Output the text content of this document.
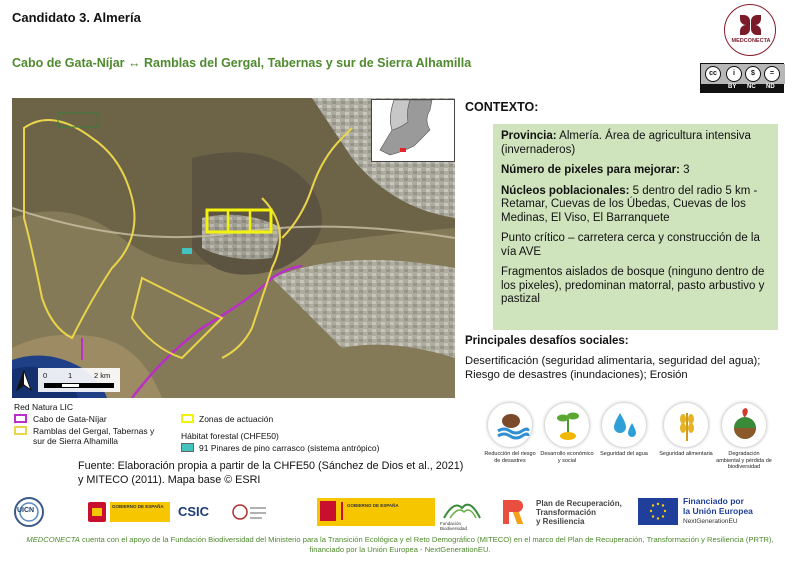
Candidato 3. Almería
Cabo de Gata-Níjar ↔ Ramblas del Gergal, Tabernas y sur de Sierra Alhamilla
MEDCONECTA
cc	i	$	=
BY NC ND
0	1	2 km
Red Natura LIC
Cabo de Gata-Níjar
Ramblas del Gergal, Tabernas y sur de Sierra Alhamilla
Zonas de actuación
Hábitat forestal (CHFE50)
91 Pinares de pino carrasco (sistema antrópico)
CONTEXTO:

Provincia: Almería. Área de agricultura intensiva (invernaderos)

Número de pixeles para mejorar: 3

Núcleos poblacionales: 5 dentro del radio 5 km - Retamar, Cuevas de los Úbedas, Cuevas de los Medinas, El Viso, El Barranquete

Punto crítico – carretera cerca y construcción de la vía AVE

Fragmentos aislados de bosque (ninguno dentro de los pixeles), predominan matorral, pasto arbustivo y pastizal

Principales desafíos sociales:
Desertificación (seguridad alimentaria, seguridad del agua); Riesgo de desastres (inundaciones); Erosión
Reducción del riesgo de desastres
Desarrollo económico y social
Seguridad del agua	Seguridad alimentaria	Degradación ambiental y pérdida de biodiversidad
Fuente: Elaboración propia a partir de la CHFE50 (Sánchez de Dios et al., 2021) y MITECO (2011). Mapa base © ESRI
UICN
GOBIERNO DE ESPAÑA CSIC	GOBIERNO DE ESPAÑA
Fundación Biodiversidad
Plan de Recuperación,
Transformación
y Resiliencia
Financiado por
la Unión Europea
NextGenerationEU
MEDCONECTA cuenta con el apoyo de la Fundación Biodiversidad del Ministerio para la Transición Ecológica y el Reto Demográfico (MITECO) en el marco del Plan de Recuperación, Transformación y Resiliencia (PRTR), financiado por la Unión Europea - NextGenerationEU.
